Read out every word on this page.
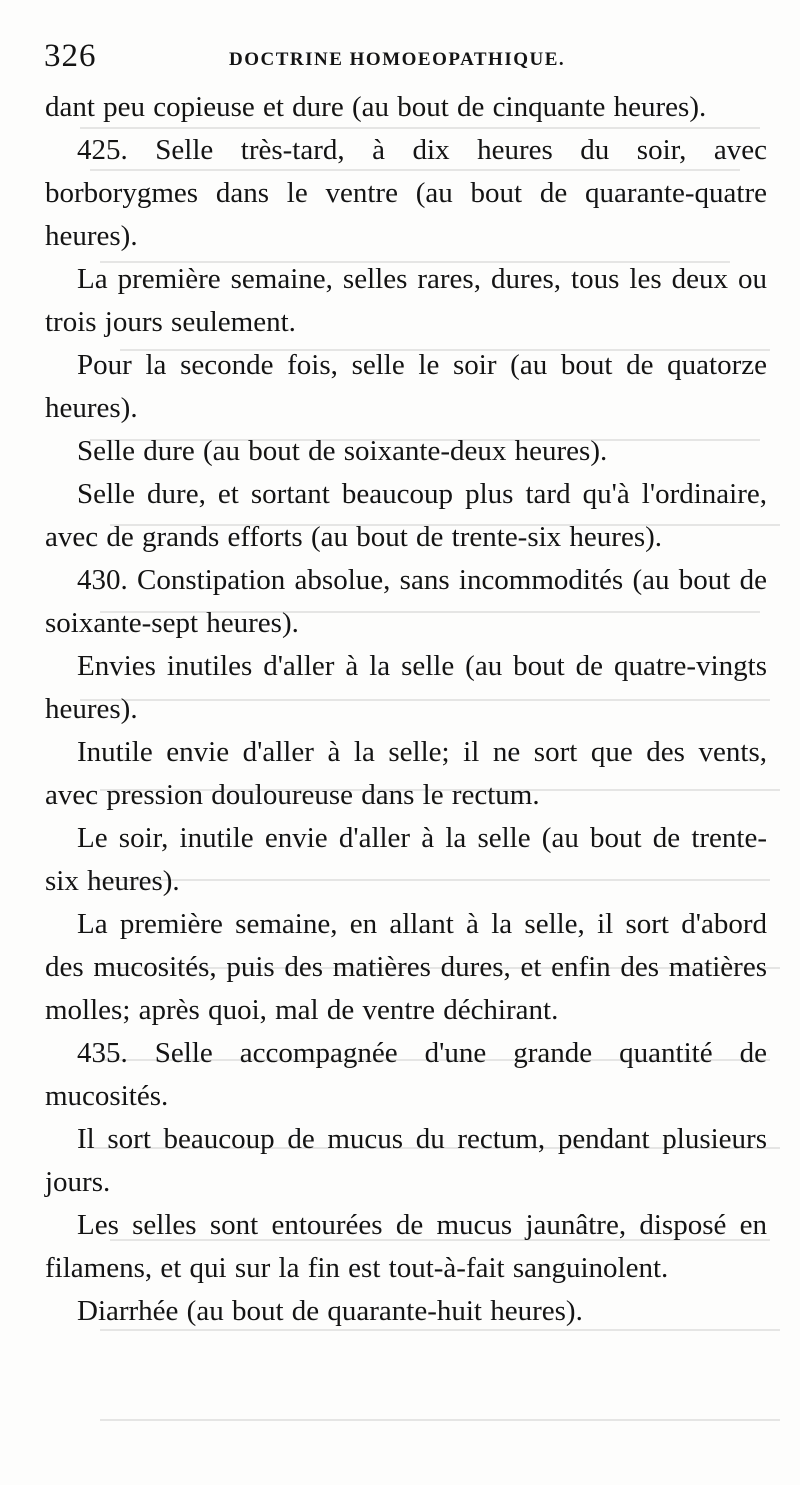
326	DOCTRINE HOMOEOPATHIQUE.

dant peu copieuse et dure (au bout de cinquante heures).

425. Selle très-tard, à dix heures du soir, avec borborygmes dans le ventre (au bout de quarante-quatre heures).

La première semaine, selles rares, dures, tous les deux ou trois jours seulement.

Pour la seconde fois, selle le soir (au bout de quatorze heures).

Selle dure (au bout de soixante-deux heures).

Selle dure, et sortant beaucoup plus tard qu'à l'ordinaire, avec de grands efforts (au bout de trente-six heures).

430. Constipation absolue, sans incommodités (au bout de soixante-sept heures).

Envies inutiles d'aller à la selle (au bout de quatre-vingts heures).

Inutile envie d'aller à la selle; il ne sort que des vents, avec pression douloureuse dans le rectum.

Le soir, inutile envie d'aller à la selle (au bout de trente-six heures).

La première semaine, en allant à la selle, il sort d'abord des mucosités, puis des matières dures, et enfin des matières molles; après quoi, mal de ventre déchirant.

435. Selle accompagnée d'une grande quantité de mucosités.

Il sort beaucoup de mucus du rectum, pendant plusieurs jours.

Les selles sont entourées de mucus jaunâtre, disposé en filamens, et qui sur la fin est tout-à-fait sanguinolent.

Diarrhée (au bout de quarante-huit heures).
